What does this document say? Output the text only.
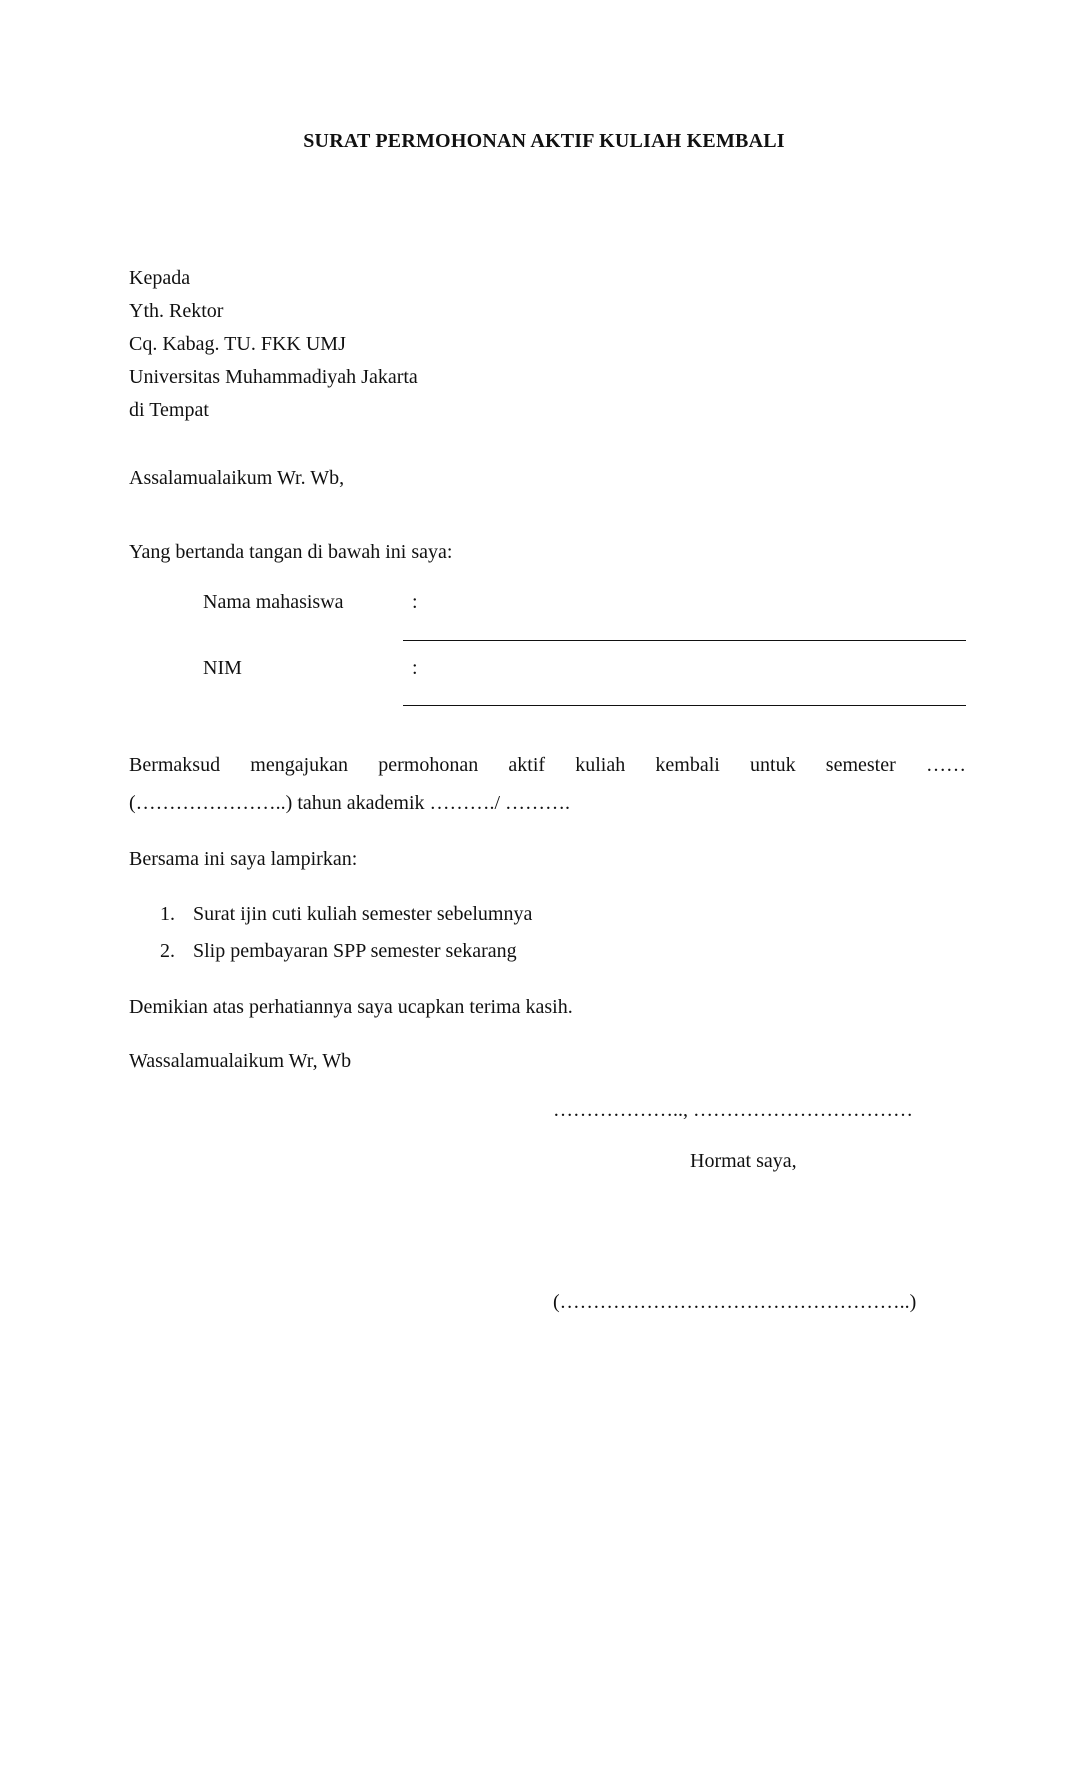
SURAT PERMOHONAN AKTIF KULIAH KEMBALI
Kepada
Yth. Rektor
Cq. Kabag. TU. FKK UMJ
Universitas Muhammadiyah Jakarta
di Tempat
Assalamualaikum Wr. Wb,
Yang bertanda tangan di bawah ini saya:
Nama mahasiswa	:
NIM	:
Bermaksud mengajukan permohonan aktif kuliah kembali untuk semester ……
(…………………..) tahun akademik ………./ ……….
Bersama ini saya lampirkan:
1. Surat ijin cuti kuliah semester sebelumnya
2. Slip pembayaran SPP semester sekarang
Demikian atas perhatiannya saya ucapkan terima kasih.
Wassalamualaikum Wr, Wb
……………….., ……………………………
Hormat saya,
(……………………………………………..)
